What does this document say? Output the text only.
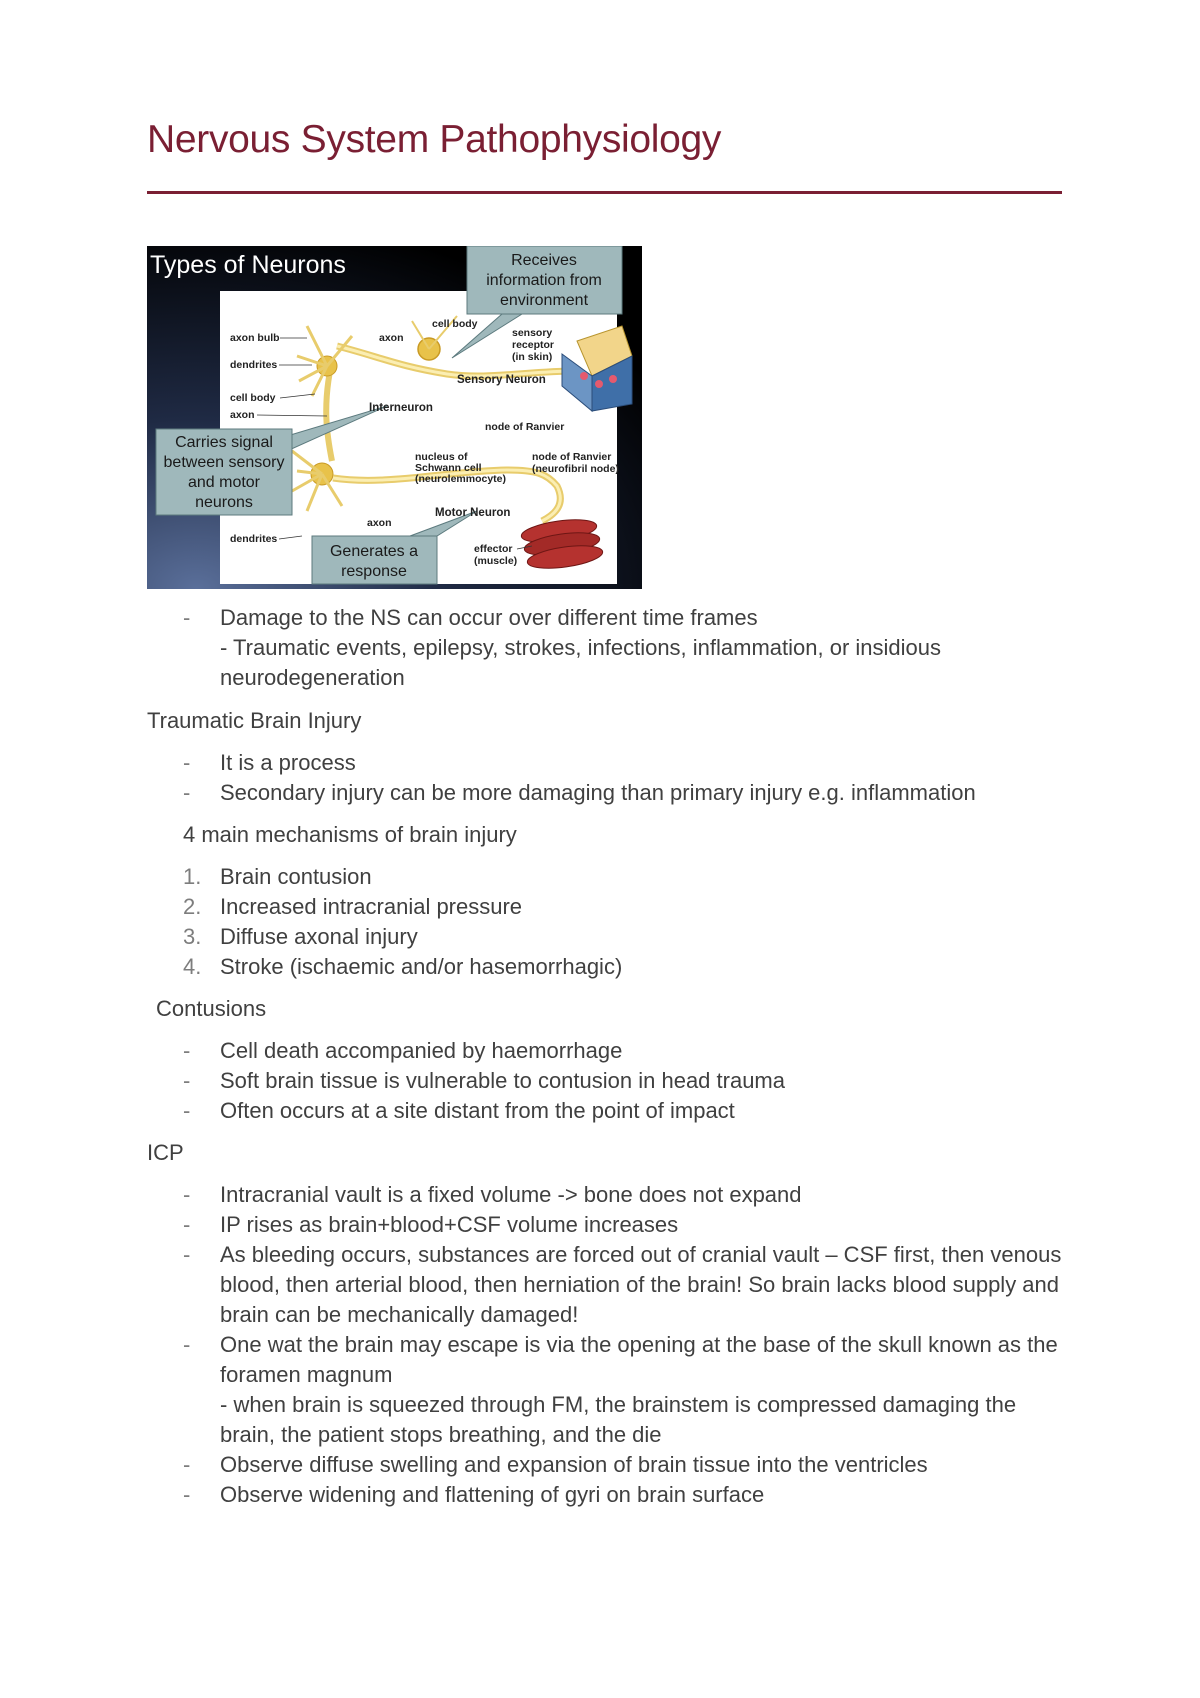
Nervous System Pathophysiology
Types of Neurons	Receives
information from
environment
Carries signal
between sensory
and motor
neurons
Generates a
response
axon bulb
dendrites
cell body
axon
axon
cell body
sensory
receptor
(in skin)
Sensory Neuron
Interneuron
node of Ranvier
nucleus of
Schwann cell
(neurolemmocyte)
node of Ranvier
(neurofibril node)
Motor Neuron
axon
dendrites
effector
(muscle)
- Damage to the NS can occur over different time frames
- Traumatic events, epilepsy, strokes, infections, inflammation, or insidious neurodegeneration
Traumatic Brain Injury
- It is a process
- Secondary injury can be more damaging than primary injury e.g. inflammation
4 main mechanisms of brain injury
1. Brain contusion
2. Increased intracranial pressure
3. Diffuse axonal injury
4. Stroke (ischaemic and/or hasemorrhagic)
Contusions
- Cell death accompanied by haemorrhage
- Soft brain tissue is vulnerable to contusion in head trauma
- Often occurs at a site distant from the point of impact
ICP
- Intracranial vault is a fixed volume -> bone does not expand
- IP rises as brain+blood+CSF volume increases
- As bleeding occurs, substances are forced out of cranial vault – CSF first, then venous blood, then arterial blood, then herniation of the brain! So brain lacks blood supply and brain can be mechanically damaged!
- One wat the brain may escape is via the opening at the base of the skull known as the foramen magnum
- when brain is squeezed through FM, the brainstem is compressed damaging the brain, the patient stops breathing, and the die
- Observe diffuse swelling and expansion of brain tissue into the ventricles
- Observe widening and flattening of gyri on brain surface
